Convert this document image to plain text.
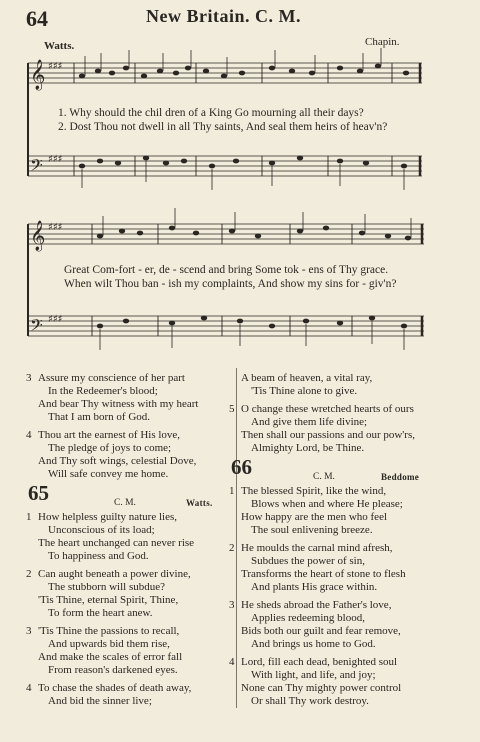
64	New Britain. C. M.
Watts.	Chapin.
𝄞
𝄢
𝄞
𝄢
♯♯♯
♯♯♯
♯♯♯
♯♯♯
1. Why should the chil dren of a King Go mourning all their days?
2. Dost Thou not dwell in all Thy saints, And seal them heirs of heav'n?
Great Com-fort - er, de - scend and bring Some tok - ens of Thy grace.
When wilt Thou ban - ish my complaints, And show my sins for - giv'n?
3 Assure my conscience of her part
In the Redeemer's blood;
And bear Thy witness with my heart
That I am born of God.
4 Thou art the earnest of His love,
The pledge of joys to come;
And Thy soft wings, celestial Dove,
Will safe convey me home.
65	C. M.	Watts.
1 How helpless guilty nature lies,
Unconscious of its load;
The heart unchanged can never rise
To happiness and God.
2 Can aught beneath a power divine,
The stubborn will subdue?
'Tis Thine, eternal Spirit, Thine,
To form the heart anew.
3 'Tis Thine the passions to recall,
And upwards bid them rise,
And make the scales of error fall
From reason's darkened eyes.
4 To chase the shades of death away,
And bid the sinner live;
A beam of heaven, a vital ray,
'Tis Thine alone to give.
5 O change these wretched hearts of ours
And give them life divine;
Then shall our passions and our pow'rs,
Almighty Lord, be Thine.
66	C. M.	Beddome
1 The blessed Spirit, like the wind,
Blows when and where He please;
How happy are the men who feel
The soul enlivening breeze.
2 He moulds the carnal mind afresh,
Subdues the power of sin,
Transforms the heart of stone to flesh
And plants His grace within.
3 He sheds abroad the Father's love,
Applies redeeming blood,
Bids both our guilt and fear remove,
And brings us home to God.
4 Lord, fill each dead, benighted soul
With light, and life, and joy;
None can Thy mighty power control
Or shall Thy work destroy.
